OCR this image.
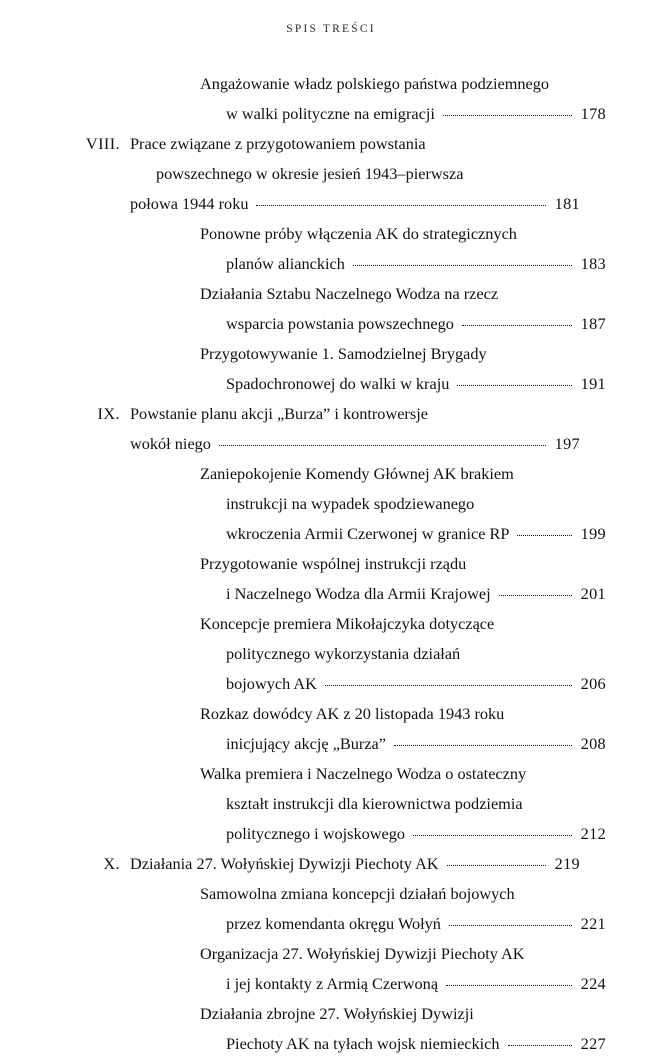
SPIS TREŚCI
Angażowanie władz polskiego państwa podziemnego
w walki polityczne na emigracji	178
VIII. Prace związane z przygotowaniem powstania
powszechnego w okresie jesień 1943–pierwsza
połowa 1944 roku	181
Ponowne próby włączenia AK do strategicznych
planów alianckich	183
Działania Sztabu Naczelnego Wodza na rzecz
wsparcia powstania powszechnego	187
Przygotowywanie 1. Samodzielnej Brygady
Spadochronowej do walki w kraju	191
IX. Powstanie planu akcji „Burza” i kontrowersje
wokół niego	197
Zaniepokojenie Komendy Głównej AK brakiem
instrukcji na wypadek spodziewanego
wkroczenia Armii Czerwonej w granice RP	199
Przygotowanie wspólnej instrukcji rządu
i Naczelnego Wodza dla Armii Krajowej	201
Koncepcje premiera Mikołajczyka dotyczące
politycznego wykorzystania działań
bojowych AK	206
Rozkaz dowódcy AK z 20 listopada 1943 roku
inicjujący akcję „Burza”	208
Walka premiera i Naczelnego Wodza o ostateczny
kształt instrukcji dla kierownictwa podziemia
politycznego i wojskowego	212
X. Działania 27. Wołyńskiej Dywizji Piechoty AK	219
Samowolna zmiana koncepcji działań bojowych
przez komendanta okręgu Wołyń	221
Organizacja 27. Wołyńskiej Dywizji Piechoty AK
i jej kontakty z Armią Czerwoną	224
Działania zbrojne 27. Wołyńskiej Dywizji
Piechoty AK na tyłach wojsk niemieckich	227
